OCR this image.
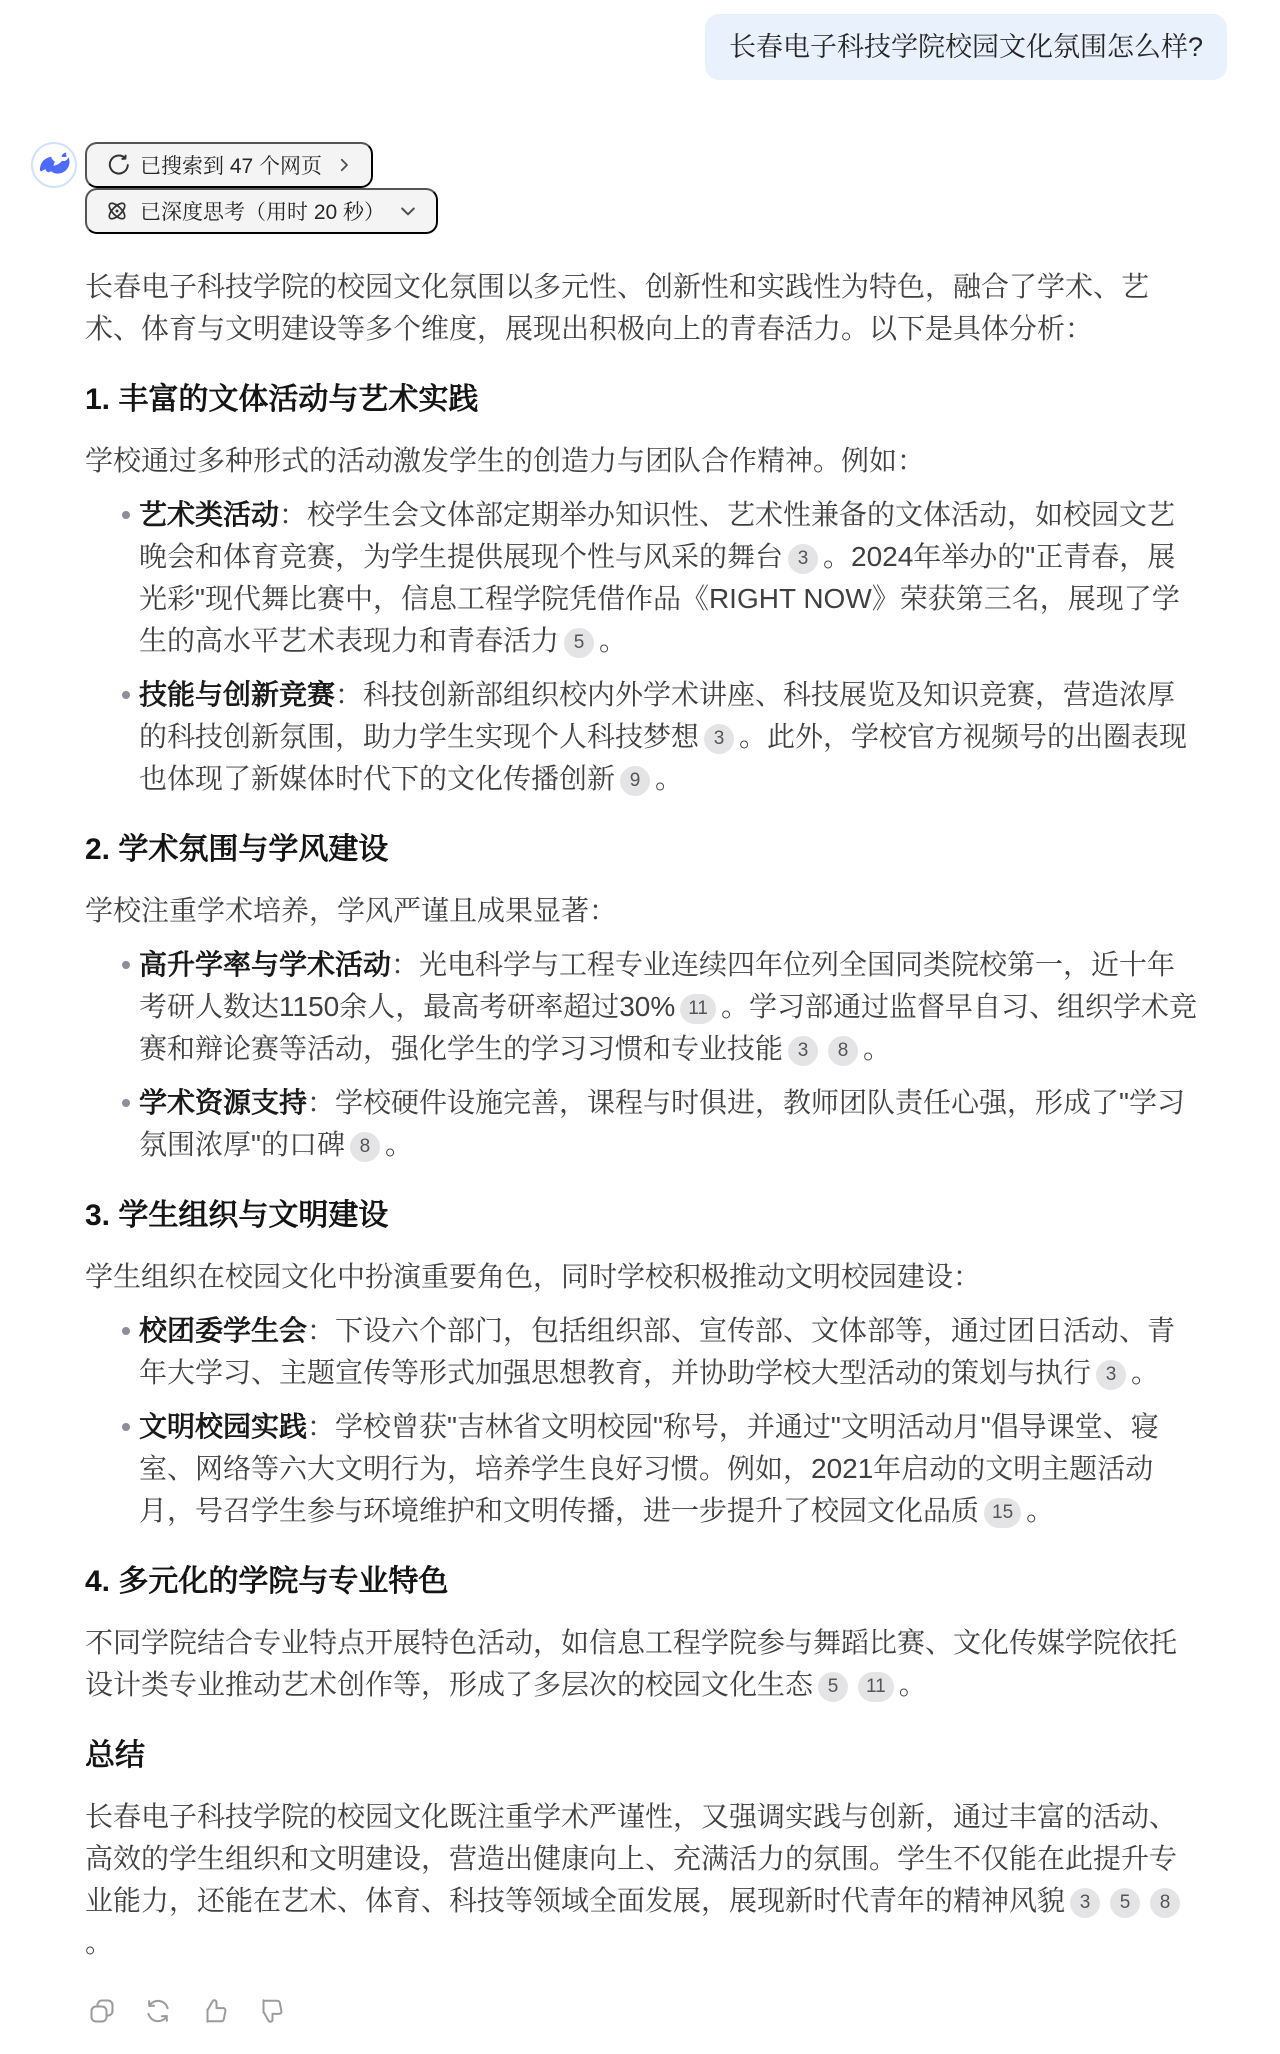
长春电子科技学院校园文化氛围怎么样?
已搜索到 47 个网页
已深度思考（用时 20 秒）

长春电子科技学院的校园文化氛围以多元性、创新性和实践性为特色，融合了学术、艺术、体育与文明建设等多个维度，展现出积极向上的青春活力。以下是具体分析：

1. 丰富的文体活动与艺术实践

学校通过多种形式的活动激发学生的创造力与团队合作精神。例如：

艺术类活动：校学生会文体部定期举办知识性、艺术性兼备的文体活动，如校园文艺晚会和体育竞赛，为学生提供展现个性与风采的舞台 3 。2024年举办的"正青春，展光彩"现代舞比赛中，信息工程学院凭借作品《RIGHT NOW》荣获第三名，展现了学生的高水平艺术表现力和青春活力 5 。
技能与创新竞赛：科技创新部组织校内外学术讲座、科技展览及知识竞赛，营造浓厚的科技创新氛围，助力学生实现个人科技梦想 3 。此外，学校官方视频号的出圈表现也体现了新媒体时代下的文化传播创新 9 。
2. 学术氛围与学风建设

学校注重学术培养，学风严谨且成果显著：

高升学率与学术活动：光电科学与工程专业连续四年位列全国同类院校第一，近十年考研人数达1150余人，最高考研率超过30% 11 。学习部通过监督早自习、组织学术竞赛和辩论赛等活动，强化学生的学习习惯和专业技能 3 8 。
学术资源支持：学校硬件设施完善，课程与时俱进，教师团队责任心强，形成了"学习氛围浓厚"的口碑 8 。
3. 学生组织与文明建设

学生组织在校园文化中扮演重要角色，同时学校积极推动文明校园建设：

校团委学生会：下设六个部门，包括组织部、宣传部、文体部等，通过团日活动、青年大学习、主题宣传等形式加强思想教育，并协助学校大型活动的策划与执行 3 。
文明校园实践：学校曾获"吉林省文明校园"称号，并通过"文明活动月"倡导课堂、寝室、网络等六大文明行为，培养学生良好习惯。例如，2021年启动的文明主题活动月，号召学生参与环境维护和文明传播，进一步提升了校园文化品质 15 。
4. 多元化的学院与专业特色

不同学院结合专业特点开展特色活动，如信息工程学院参与舞蹈比赛、文化传媒学院依托设计类专业推动艺术创作等，形成了多层次的校园文化生态 5 11 。

总结

长春电子科技学院的校园文化既注重学术严谨性，又强调实践与创新，通过丰富的活动、高效的学生组织和文明建设，营造出健康向上、充满活力的氛围。学生不仅能在此提升专业能力，还能在艺术、体育、科技等领域全面发展，展现新时代青年的精神风貌 3 5 8。
